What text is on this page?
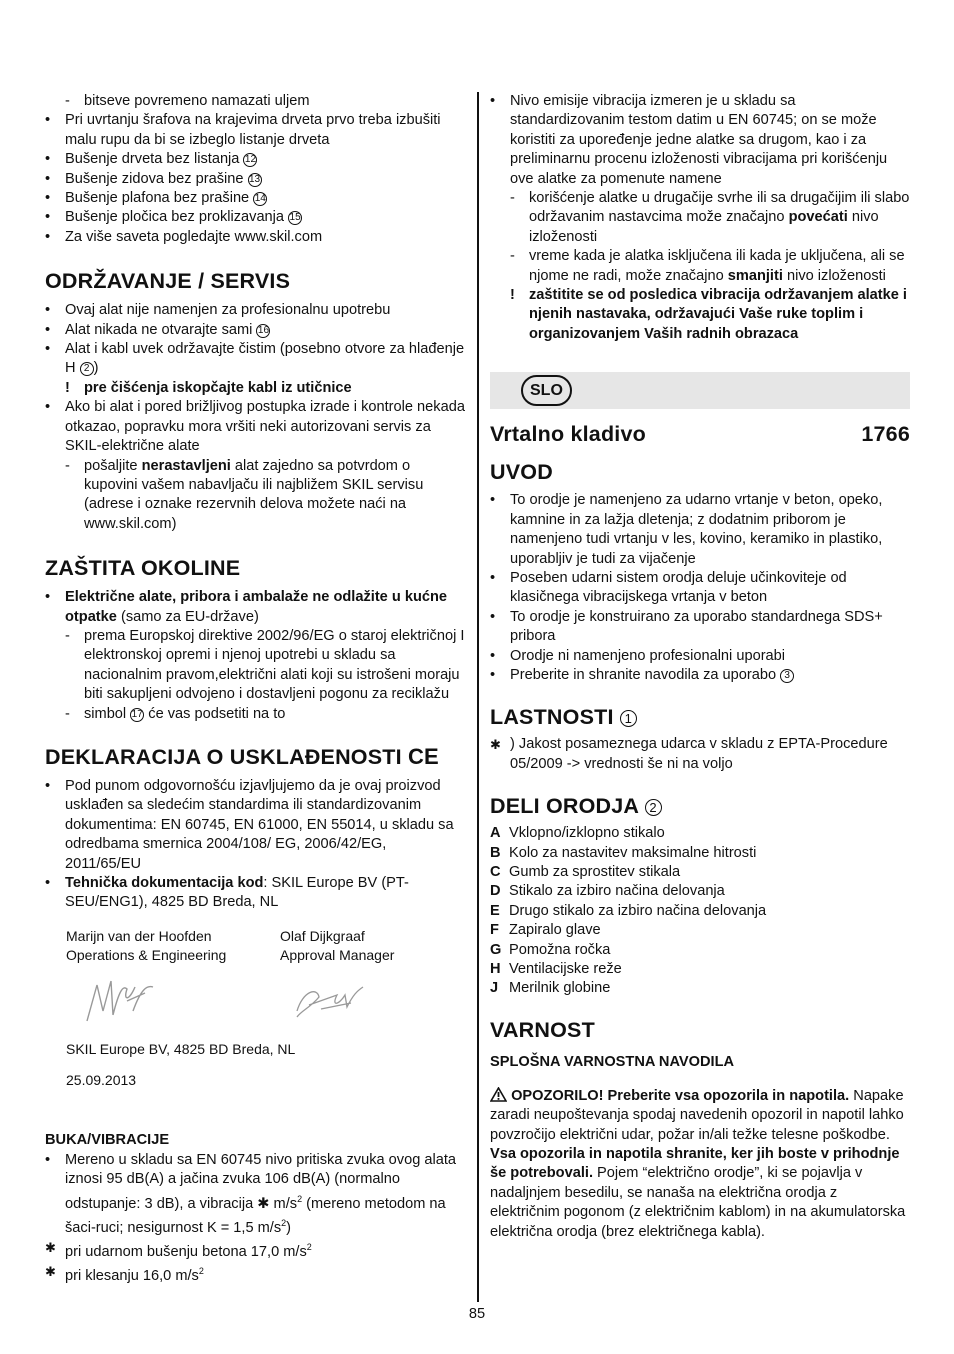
- bitseve povremeno namazati uljem

• Pri uvrtanju šrafova na krajevima drveta prvo treba izbušiti malu rupu da bi se izbeglo listanje drveta

• Bušenje drveta bez listanja 12

• Bušenje zidova bez prašine 13

• Bušenje plafona bez prašine 14

• Bušenje pločica bez proklizavanja 15

• Za više saveta pogledajte www.skil.com

ODRŽAVANJE / SERVIS

• Ovaj alat nije namenjen za profesionalnu upotrebu

• Alat nikada ne otvarajte sami 16

• Alat i kabl uvek održavajte čistim (posebno otvore za hlađenje H 2 )

! pre čišćenja iskopčajte kabl iz utičnice

• Ako bi alat i pored brižljivog postupka izrade i kontrole nekada otkazao, popravku mora vršiti neki autorizovani servis za SKIL-električne alate

- pošaljite nerastavljeni alat zajedno sa potvrdom o kupovini vašem nabavljaču ili najbližem SKIL servisu (adrese i oznake rezervnih delova možete naći na www.skil.com)

ZAŠTITA OKOLINE

• Električne alate, pribora i ambalaže ne odlažite u kućne otpatke (samo za EU-države)

- prema Europskoj direktive 2002/96/EG o staroj električnoj I elektronskoj opremi i njenoj upotrebi u skladu sa nacionalnim pravom,električni alati koji su istrošeni moraju biti sakupljeni odvojeno i dostavljeni pogonu za reciklažu

- simbol 17 će vas podsetiti na to

DEKLARACIJA O USKLAĐENOSTI CE

• Pod punom odgovornošću izjavljujemo da je ovaj proizvod usklađen sa sledećim standardima ili standardizovanim dokumentima: EN 60745, EN 61000, EN 55014, u skladu sa odredbama smernica 2004/108/ EG, 2006/42/EG, 2011/65/EU

• Tehnička dokumentacija kod: SKIL Europe BV (PT-SEU/ENG1), 4825 BD Breda, NL

Marijn van der Hoofden
Operations & Engineering
Olaf Dijkgraaf
Approval Manager
SKIL Europe BV, 4825 BD Breda, NL
25.09.2013
BUKA/VIBRACIJE

• Mereno u skladu sa EN 60745 nivo pritiska zvuka ovog alata iznosi 95 dB(A) a jačina zvuka 106 dB(A) (normalno odstupanje: 3 dB), a vibracija ✱ $m/s^2$ (mereno metodom na šaci-ruci; nesigurnost K = 1,5 $m/s^2$)

✱ pri udarnom bušenju betona 17,0 $m/s^2$

✱ pri klesanju 16,0 $m/s^2$

• Nivo emisije vibracija izmeren je u skladu sa standardizovanim testom datim u EN 60745; on se može koristiti za upoređenje jedne alatke sa drugom, kao i za preliminarnu procenu izloženosti vibracijama pri korišćenju ove alatke za pomenute namene

- korišćenje alatke u drugačije svrhe ili sa drugačijim ili slabo održavanim nastavcima može značajno povećati nivo izloženosti

- vreme kada je alatka isključena ili kada je uključena, ali se njome ne radi, može značajno smanjiti nivo izloženosti

! zaštitite se od posledica vibracija održavanjem alatke i njenih nastavaka, održavajući Vaše ruke toplim i organizovanjem Vaših radnih obrazaca

SLO
Vrtalno kladivo	1766
UVOD

• To orodje je namenjeno za udarno vrtanje v beton, opeko, kamnine in za lažja dletenja; z dodatnim priborom je namenjeno tudi vrtanju v les, kovino, keramiko in plastiko, uporabljiv je tudi za vijačenje

• Poseben udarni sistem orodja deluje učinkoviteje od klasičnega vibracijskega vrtanja v beton

• To orodje je konstruirano za uporabo standardnega SDS+ pribora

• Orodje ni namenjeno profesionalni uporabi

• Preberite in shranite navodila za uporabo 3

LASTNOSTI 1

✱ ) Jakost posameznega udarca v skladu z EPTA-Procedure 05/2009 -> vrednosti še ni na voljo

DELI ORODJA 2

A Vklopno/izklopno stikalo

B Kolo za nastavitev maksimalne hitrosti

C Gumb za sprostitev stikala

D Stikalo za izbiro načina delovanja

E Drugo stikalo za izbiro načina delovanja

F Zapiralo glave

G Pomožna ročka

H Ventilacijske reže

J Merilnik globine

VARNOST
SPLOŠNA VARNOSTNA NAVODILA

OPOZORILO! Preberite vsa opozorila in napotila. Napake zaradi neupoštevanja spodaj navedenih opozoril in napotil lahko povzročijo električni udar, požar in/ali težke telesne poškodbe. Vsa opozorila in napotila shranite, ker jih boste v prihodnje še potrebovali. Pojem “električno orodje”, ki se pojavlja v nadaljnjem besedilu, se nanaša na električna orodja z električnim pogonom (z električnim kablom) in na akumulatorska električna orodja (brez električnega kabla).

85
